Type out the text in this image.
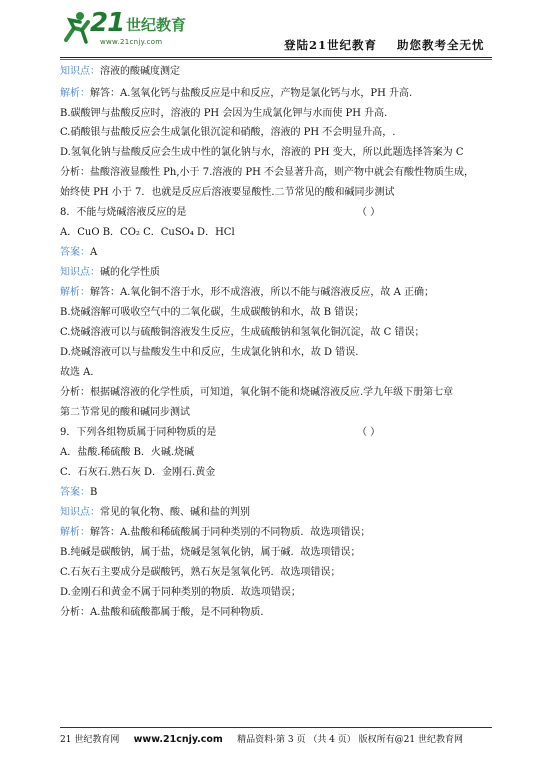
21 世纪教育
www.21cnjy.com	登陆21世纪教育    助您教考全无忧
知识点：溶液的酸碱度测定
解析：解答：A.氢氧化钙与盐酸反应是中和反应，产物是氯化钙与水，PH 升高.
B.碳酸钾与盐酸反应时，溶液的 PH 会因为生成氯化钾与水而使 PH 升高.
C.硝酸银与盐酸反应会生成氯化银沉淀和硝酸，溶液的 PH 不会明显升高，.
D.氢氧化钠与盐酸反应会生成中性的氯化钠与水，溶液的 PH 变大，所以此题选择答案为 C
分析：盐酸溶液显酸性 Ph,小于 7.溶液的 PH 不会显著升高，则产物中就会有酸性物质生成，
始终使 PH 小于 7．也就是反应后溶液要显酸性.二节常见的酸和碱同步测试
8．不能与烧碱溶液反应的是	（ ）
A．CuO B．CO₂ C．CuSO₄ D．HCl
答案：A
知识点：碱的化学性质
解析：解答：A.氧化铜不溶于水，形不成溶液，所以不能与碱溶液反应，故 A 正确；
B.烧碱溶解可吸收空气中的二氧化碳，生成碳酸钠和水，故 B 错误；
C.烧碱溶液可以与硫酸铜溶液发生反应，生成硫酸钠和氢氧化铜沉淀，故 C 错误；
D.烧碱溶液可以与盐酸发生中和反应，生成氯化钠和水，故 D 错误.
故选 A．
分析：根据碱溶液的化学性质，可知道，氧化铜不能和烧碱溶液反应.学九年级下册第七章
第二节常见的酸和碱同步测试
9．下列各组物质属于同种物质的是	（ ）
A．盐酸.稀硫酸 B．火碱.烧碱
C．石灰石.熟石灰 D．金刚石.黄金
答案：B
知识点：常见的氧化物、酸、碱和盐的判别
解析：解答：A.盐酸和稀硫酸属于同种类别的不同物质．故选项错误；
B.纯碱是碳酸钠，属于盐，烧碱是氢氧化钠，属于碱．故选项错误；
C.石灰石主要成分是碳酸钙，熟石灰是氢氧化钙．故选项错误；
D.金刚石和黄金不属于同种类别的物质．故选项错误；
分析：A.盐酸和硫酸都属于酸，是不同种物质．
21 世纪教育网 www.21cnjy.com 精品资料·第 3 页 （共 4 页） 版权所有@21 世纪教育网
